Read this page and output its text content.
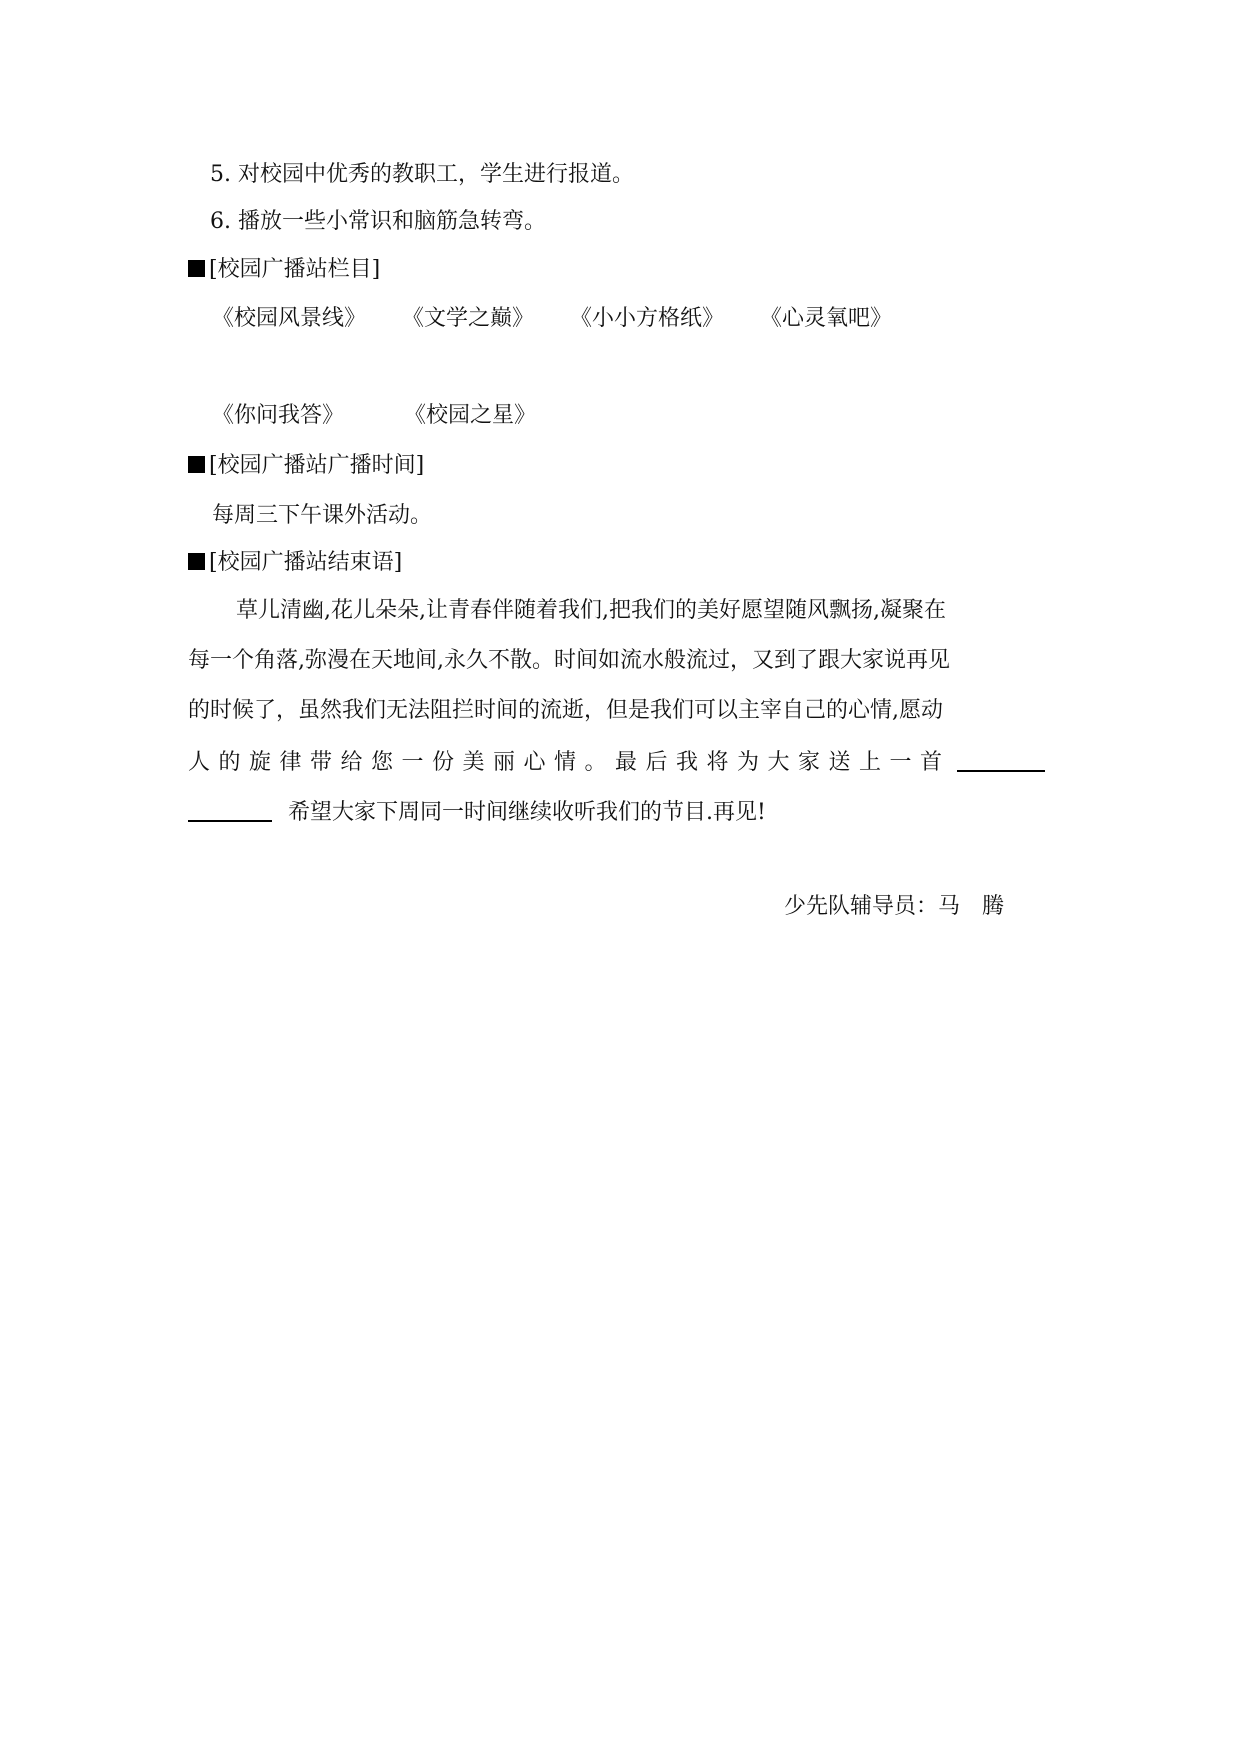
5. 对校园中优秀的教职工，学生进行报道。
6. 播放一些小常识和脑筋急转弯。
[校园广播站栏目]
《校园风景线》 《文学之巅》 《小小方格纸》 《心灵氧吧》
《你问我答》	《校园之星》
[校园广播站广播时间]
每周三下午课外活动。
[校园广播站结束语]
草儿清幽,花儿朵朵,让青春伴随着我们,把我们的美好愿望随风飘扬,凝聚在
每一个角落,弥漫在天地间,永久不散。时间如流水般流过，又到了跟大家说再见
的时候了，虽然我们无法阻拦时间的流逝，但是我们可以主宰自己的心情,愿动
人的旋律带给您一份美丽心情。最后我将为大家送上一首
希望大家下周同一时间继续收听我们的节目.再见!
少先队辅导员：马　腾
